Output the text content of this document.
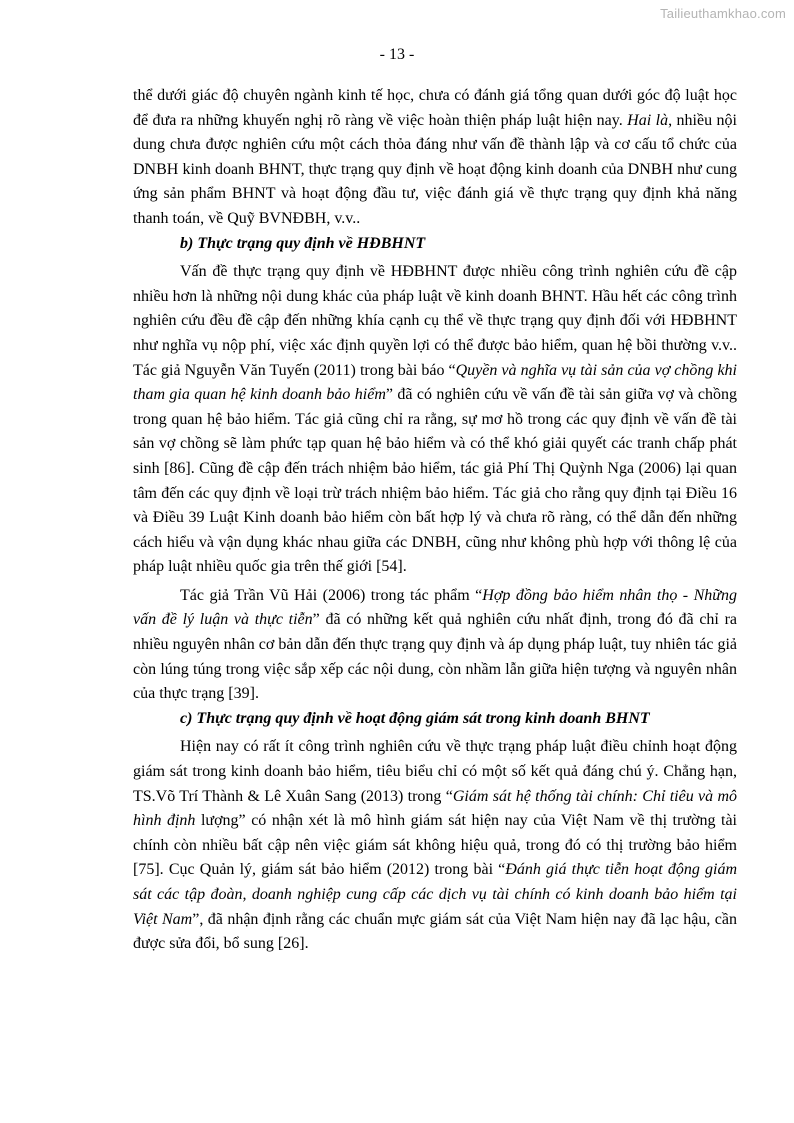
Tailieuthamkhao.com
- 13 -

thể dưới giác độ chuyên ngành kinh tế học, chưa có đánh giá tổng quan dưới góc độ luật học để đưa ra những khuyến nghị rõ ràng về việc hoàn thiện pháp luật hiện nay. Hai là, nhiều nội dung chưa được nghiên cứu một cách thỏa đáng như vấn đề thành lập và cơ cấu tổ chức của DNBH kinh doanh BHNT, thực trạng quy định về hoạt động kinh doanh của DNBH như cung ứng sản phẩm BHNT và hoạt động đầu tư, việc đánh giá về thực trạng quy định khả năng thanh toán, về Quỹ BVNĐBH, v.v..

b) Thực trạng quy định về HĐBHNT

Vấn đề thực trạng quy định về HĐBHNT được nhiều công trình nghiên cứu đề cập nhiều hơn là những nội dung khác của pháp luật về kinh doanh BHNT. Hầu hết các công trình nghiên cứu đều đề cập đến những khía cạnh cụ thể về thực trạng quy định đối với HĐBHNT như nghĩa vụ nộp phí, việc xác định quyền lợi có thể được bảo hiểm, quan hệ bồi thường v.v.. Tác giả Nguyễn Văn Tuyến (2011) trong bài báo “Quyền và nghĩa vụ tài sản của vợ chồng khi tham gia quan hệ kinh doanh bảo hiểm” đã có nghiên cứu về vấn đề tài sản giữa vợ và chồng trong quan hệ bảo hiểm. Tác giả cũng chỉ ra rằng, sự mơ hồ trong các quy định về vấn đề tài sản vợ chồng sẽ làm phức tạp quan hệ bảo hiểm và có thể khó giải quyết các tranh chấp phát sinh [86]. Cũng đề cập đến trách nhiệm bảo hiểm, tác giả Phí Thị Quỳnh Nga (2006) lại quan tâm đến các quy định về loại trừ trách nhiệm bảo hiểm. Tác giả cho rằng quy định tại Điều 16 và Điều 39 Luật Kinh doanh bảo hiểm còn bất hợp lý và chưa rõ ràng, có thể dẫn đến những cách hiểu và vận dụng khác nhau giữa các DNBH, cũng như không phù hợp với thông lệ của pháp luật nhiều quốc gia trên thế giới [54].

Tác giả Trần Vũ Hải (2006) trong tác phẩm “Hợp đồng bảo hiểm nhân thọ - Những vấn đề lý luận và thực tiễn” đã có những kết quả nghiên cứu nhất định, trong đó đã chỉ ra nhiều nguyên nhân cơ bản dẫn đến thực trạng quy định và áp dụng pháp luật, tuy nhiên tác giả còn lúng túng trong việc sắp xếp các nội dung, còn nhầm lẫn giữa hiện tượng và nguyên nhân của thực trạng [39].

c) Thực trạng quy định về hoạt động giám sát trong kinh doanh BHNT

Hiện nay có rất ít công trình nghiên cứu về thực trạng pháp luật điều chỉnh hoạt động giám sát trong kinh doanh bảo hiểm, tiêu biểu chỉ có một số kết quả đáng chú ý. Chẳng hạn, TS.Võ Trí Thành & Lê Xuân Sang (2013) trong “Giám sát hệ thống tài chính: Chỉ tiêu và mô hình định lượng” có nhận xét là mô hình giám sát hiện nay của Việt Nam về thị trường tài chính còn nhiều bất cập nên việc giám sát không hiệu quả, trong đó có thị trường bảo hiểm [75]. Cục Quản lý, giám sát bảo hiểm (2012) trong bài “Đánh giá thực tiễn hoạt động giám sát các tập đoàn, doanh nghiệp cung cấp các dịch vụ tài chính có kinh doanh bảo hiểm tại Việt Nam”, đã nhận định rằng các chuẩn mực giám sát của Việt Nam hiện nay đã lạc hậu, cần được sửa đổi, bổ sung [26].
